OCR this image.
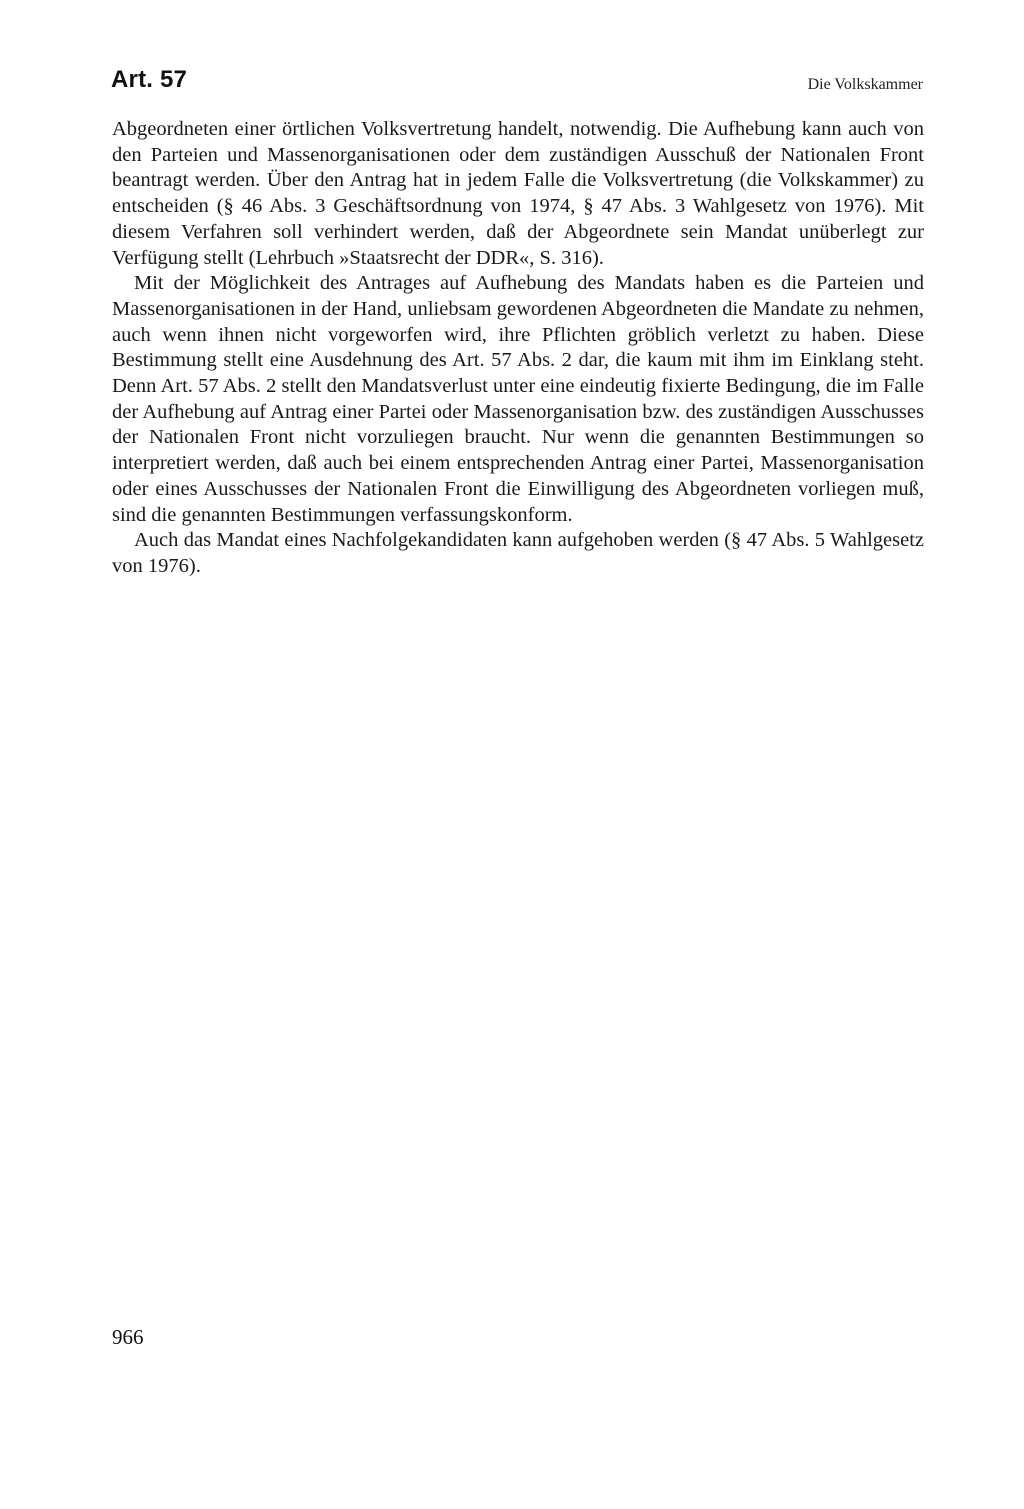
Art. 57	Die Volkskammer

Abgeordneten einer örtlichen Volksvertretung handelt, notwendig. Die Aufhebung kann auch von den Parteien und Massenorganisationen oder dem zuständigen Ausschuß der Nationalen Front beantragt werden. Über den Antrag hat in jedem Falle die Volksvertretung (die Volkskammer) zu entscheiden (§ 46 Abs. 3 Geschäftsordnung von 1974, § 47 Abs. 3 Wahlgesetz von 1976). Mit diesem Verfahren soll verhindert werden, daß der Abgeordnete sein Mandat unüberlegt zur Verfügung stellt (Lehrbuch »Staatsrecht der DDR«, S. 316).

Mit der Möglichkeit des Antrages auf Aufhebung des Mandats haben es die Parteien und Massenorganisationen in der Hand, unliebsam gewordenen Abgeordneten die Mandate zu nehmen, auch wenn ihnen nicht vorgeworfen wird, ihre Pflichten gröblich verletzt zu haben. Diese Bestimmung stellt eine Ausdehnung des Art. 57 Abs. 2 dar, die kaum mit ihm im Einklang steht. Denn Art. 57 Abs. 2 stellt den Mandatsverlust unter eine eindeutig fixierte Bedingung, die im Falle der Aufhebung auf Antrag einer Partei oder Massenorganisation bzw. des zuständigen Ausschusses der Nationalen Front nicht vorzuliegen braucht. Nur wenn die genannten Bestimmungen so interpretiert werden, daß auch bei einem entsprechenden Antrag einer Partei, Massenorganisation oder eines Ausschusses der Nationalen Front die Einwilligung des Abgeordneten vorliegen muß, sind die genannten Bestimmungen verfassungskonform.

Auch das Mandat eines Nachfolgekandidaten kann aufgehoben werden (§ 47 Abs. 5 Wahlgesetz von 1976).

966
